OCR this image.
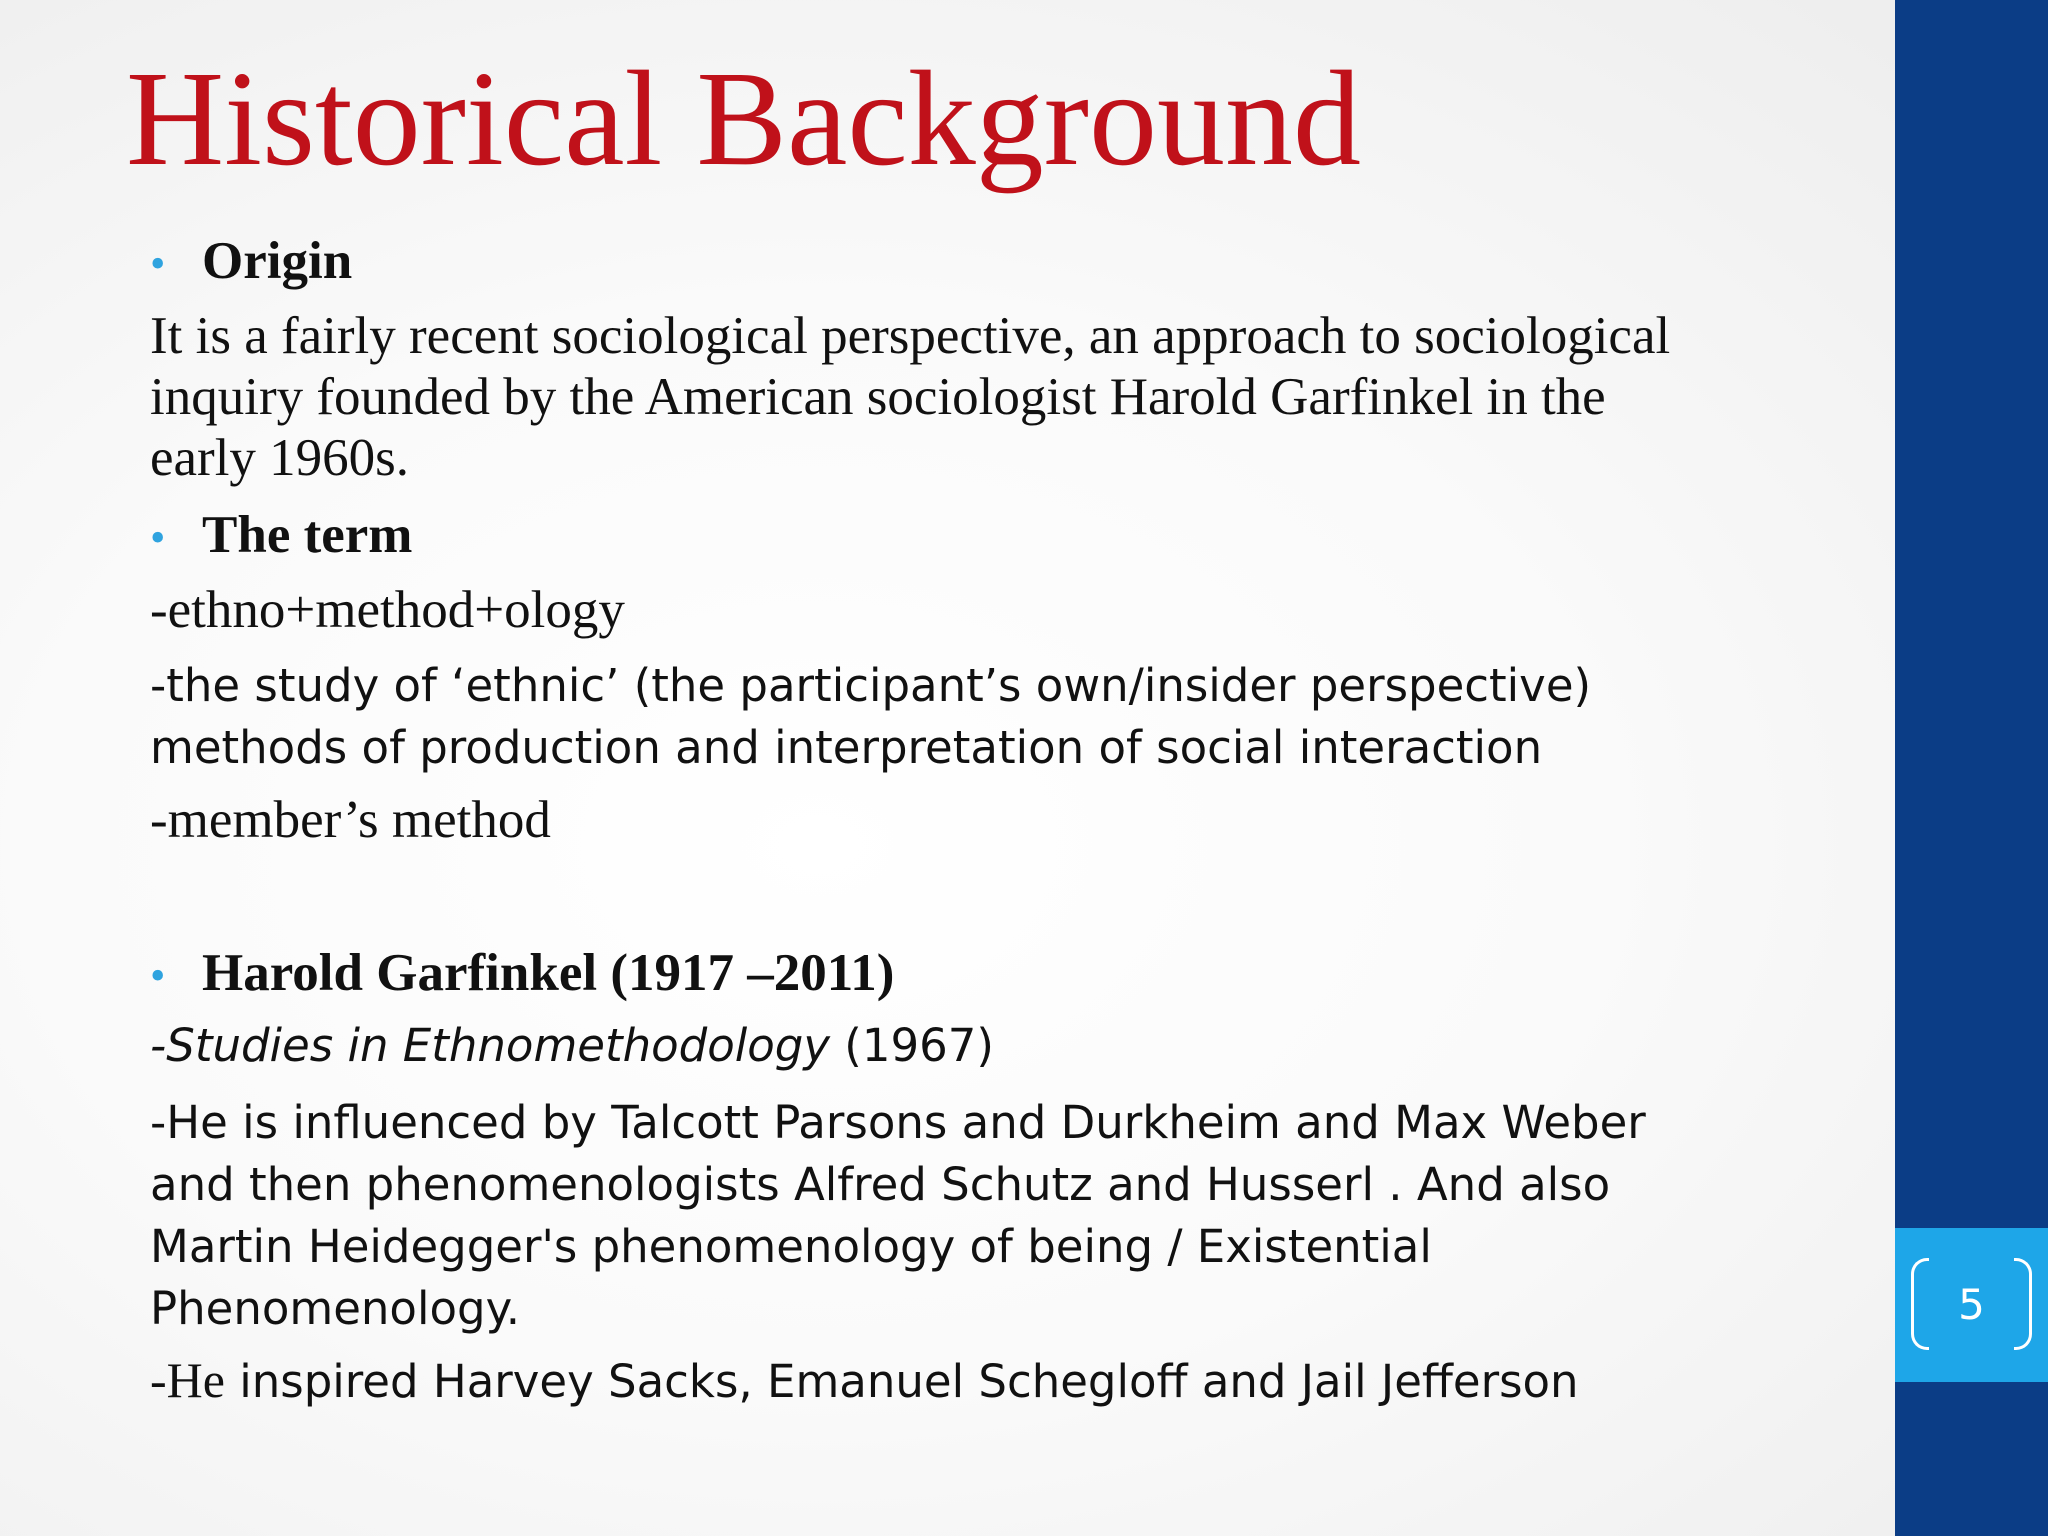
Historical Background
• Origin
It is a fairly recent sociological perspective, an approach to sociological
inquiry founded by the American sociologist Harold Garfinkel in the
early 1960s.
• The term
-ethno+method+ology
-the study of ‘ethnic’ (the participant’s own/insider perspective)
methods of production and interpretation of social interaction
-member’s method
• Harold Garfinkel (1917 –2011)
-Studies in Ethnomethodology (1967)
-He is influenced by Talcott Parsons and Durkheim and Max Weber
and then phenomenologists Alfred Schutz and Husserl . And also
Martin Heidegger's phenomenology of being / Existential
Phenomenology.
-He inspired Harvey Sacks, Emanuel Schegloff and Jail Jefferson
5
